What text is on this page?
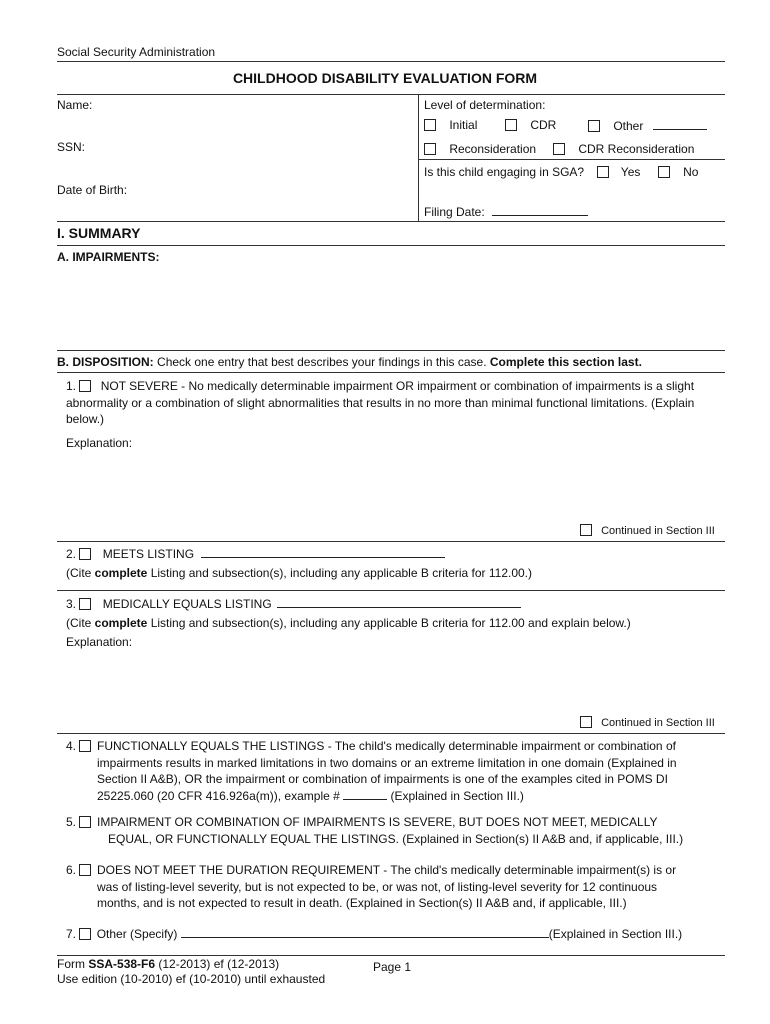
Social Security Administration
CHILDHOOD DISABILITY EVALUATION FORM
Name:
SSN:
Date of Birth:
Level of determination:
Initial	CDR	Other
Reconsideration	CDR Reconsideration
Is this child engaging in SGA?	Yes	No
Filing Date:
I. SUMMARY
A. IMPAIRMENTS:
B. DISPOSITION: Check one entry that best describes your findings in this case. Complete this section last.
1. NOT SEVERE - No medically determinable impairment OR impairment or combination of impairments is a slight abnormality or a combination of slight abnormalities that results in no more than minimal functional limitations. (Explain below.)
Explanation:
Continued in Section III
2. MEETS LISTING
(Cite complete Listing and subsection(s), including any applicable B criteria for 112.00.)
3. MEDICALLY EQUALS LISTING
(Cite complete Listing and subsection(s), including any applicable B criteria for 112.00 and explain below.)
Explanation:
Continued in Section III
4.	FUNCTIONALLY EQUALS THE LISTINGS - The child's medically determinable impairment or combination of
impairments results in marked limitations in two domains or an extreme limitation in one domain (Explained in
Section II A&B), OR the impairment or combination of impairments is one of the examples cited in POMS DI
25225.060 (20 CFR 416.926a(m)), example #	(Explained in Section III.)
5.	IMPAIRMENT OR COMBINATION OF IMPAIRMENTS IS SEVERE, BUT DOES NOT MEET, MEDICALLY
EQUAL, OR FUNCTIONALLY EQUAL THE LISTINGS. (Explained in Section(s) II A&B and, if applicable, III.)
6.	DOES NOT MEET THE DURATION REQUIREMENT - The child's medically determinable impairment(s) is or
was of listing-level severity, but is not expected to be, or was not, of listing-level severity for 12 continuous
months, and is not expected to result in death. (Explained in Section(s) II A&B and, if applicable, III.)
7. Other (Specify)	(Explained in Section III.)
Form SSA-538-F6 (12-2013) ef (12-2013)
Use edition (10-2010) ef (10-2010) until exhausted
Page 1
